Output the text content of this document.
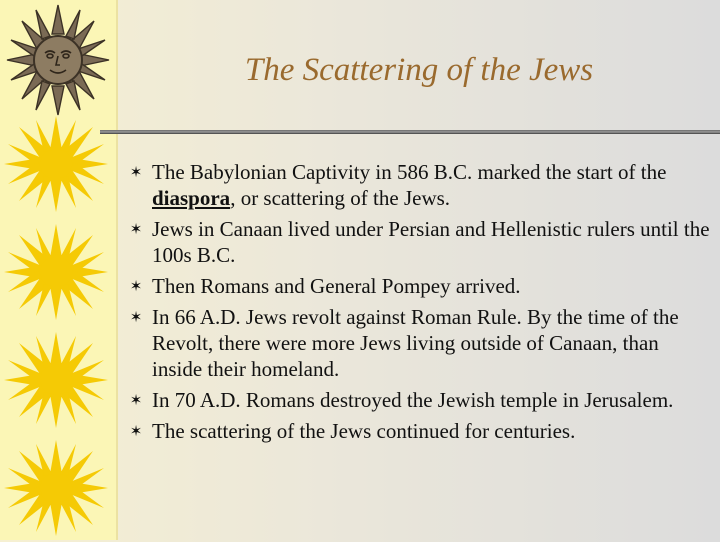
The Scattering of the Jews
✶ The Babylonian Captivity in 586 B.C. marked the start of the diaspora, or scattering of the Jews.
✶ Jews in Canaan lived under Persian and Hellenistic rulers until the 100s B.C.
✶ Then Romans and General Pompey arrived.
✶ In 66 A.D. Jews revolt against Roman Rule. By the time of the Revolt, there were more Jews living outside of Canaan, than inside their homeland.
✶ In 70 A.D. Romans destroyed the Jewish temple in Jerusalem.
✶ The scattering of the Jews continued for centuries.
